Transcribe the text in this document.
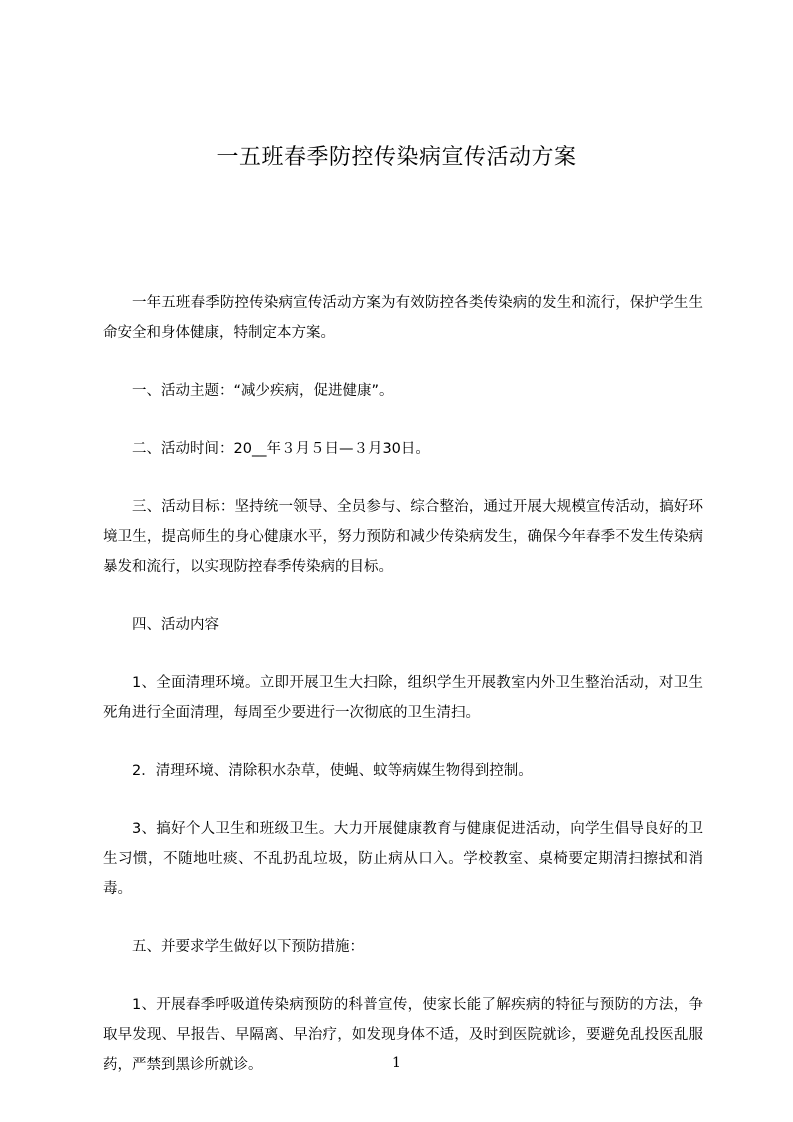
一五班春季防控传染病宣传活动方案

一年五班春季防控传染病宣传活动方案为有效防控各类传染病的发生和流行，保护学生生命安全和身体健康，特制定本方案。

一、活动主题：“减少疾病，促进健康”。

二、活动时间：20__年３月５日—３月30日。

三、活动目标：坚持统一领导、全员参与、综合整治，通过开展大规模宣传活动，搞好环境卫生，提高师生的身心健康水平，努力预防和减少传染病发生，确保今年春季不发生传染病暴发和流行，以实现防控春季传染病的目标。

四、活动内容

1、全面清理环境。立即开展卫生大扫除，组织学生开展教室内外卫生整治活动，对卫生死角进行全面清理，每周至少要进行一次彻底的卫生清扫。

2．清理环境、清除积水杂草，使蝇、蚊等病媒生物得到控制。

3、搞好个人卫生和班级卫生。大力开展健康教育与健康促进活动，向学生倡导良好的卫生习惯，不随地吐痰、不乱扔乱垃圾，防止病从口入。学校教室、桌椅要定期清扫擦拭和消毒。

五、并要求学生做好以下预防措施：

1、开展春季呼吸道传染病预防的科普宣传，使家长能了解疾病的特征与预防的方法，争取早发现、早报告、早隔离、早治疗，如发现身体不适，及时到医院就诊，要避免乱投医乱服药，严禁到黑诊所就诊。	1
